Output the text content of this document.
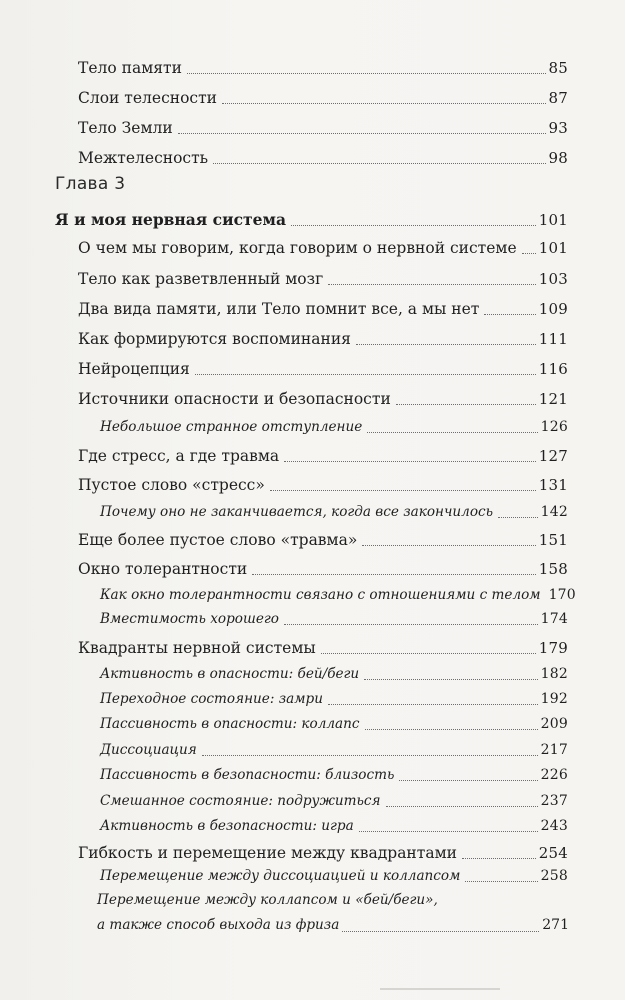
Тело памяти	85
Слои телесности	87
Тело Земли	93
Межтелесность	98
Глава 3
Я и моя нервная система	101
О чем мы говорим, когда говорим о нервной системе 101
Тело как разветвленный мозг	103
Два вида памяти, или Тело помнит все, а мы нет	109
Как формируются воспоминания	111
Нейроцепция	116
Источники опасности и безопасности	121
Небольшое странное отступление	126
Где стресс, а где травма	127
Пустое слово «стресс»	131
Почему оно не заканчивается, когда все закончилось	142
Еще более пустое слово «травма»	151
Окно толерантности	158
Как окно толерантности связано с отношениями с телом 170
Вместимость хорошего	174
Квадранты нервной системы	179
Активность в опасности: бей/беги	182
Переходное состояние: замри	192
Пассивность в опасности: коллапс	209
Диссоциация	217
Пассивность в безопасности: близость	226
Смешанное состояние: подружиться	237
Активность в безопасности: игра	243
Гибкость и перемещение между квадрантами	254
Перемещение между диссоциацией и коллапсом	258
Перемещение между коллапсом и «бей/беги»,
а также способ выхода из фриза	271
